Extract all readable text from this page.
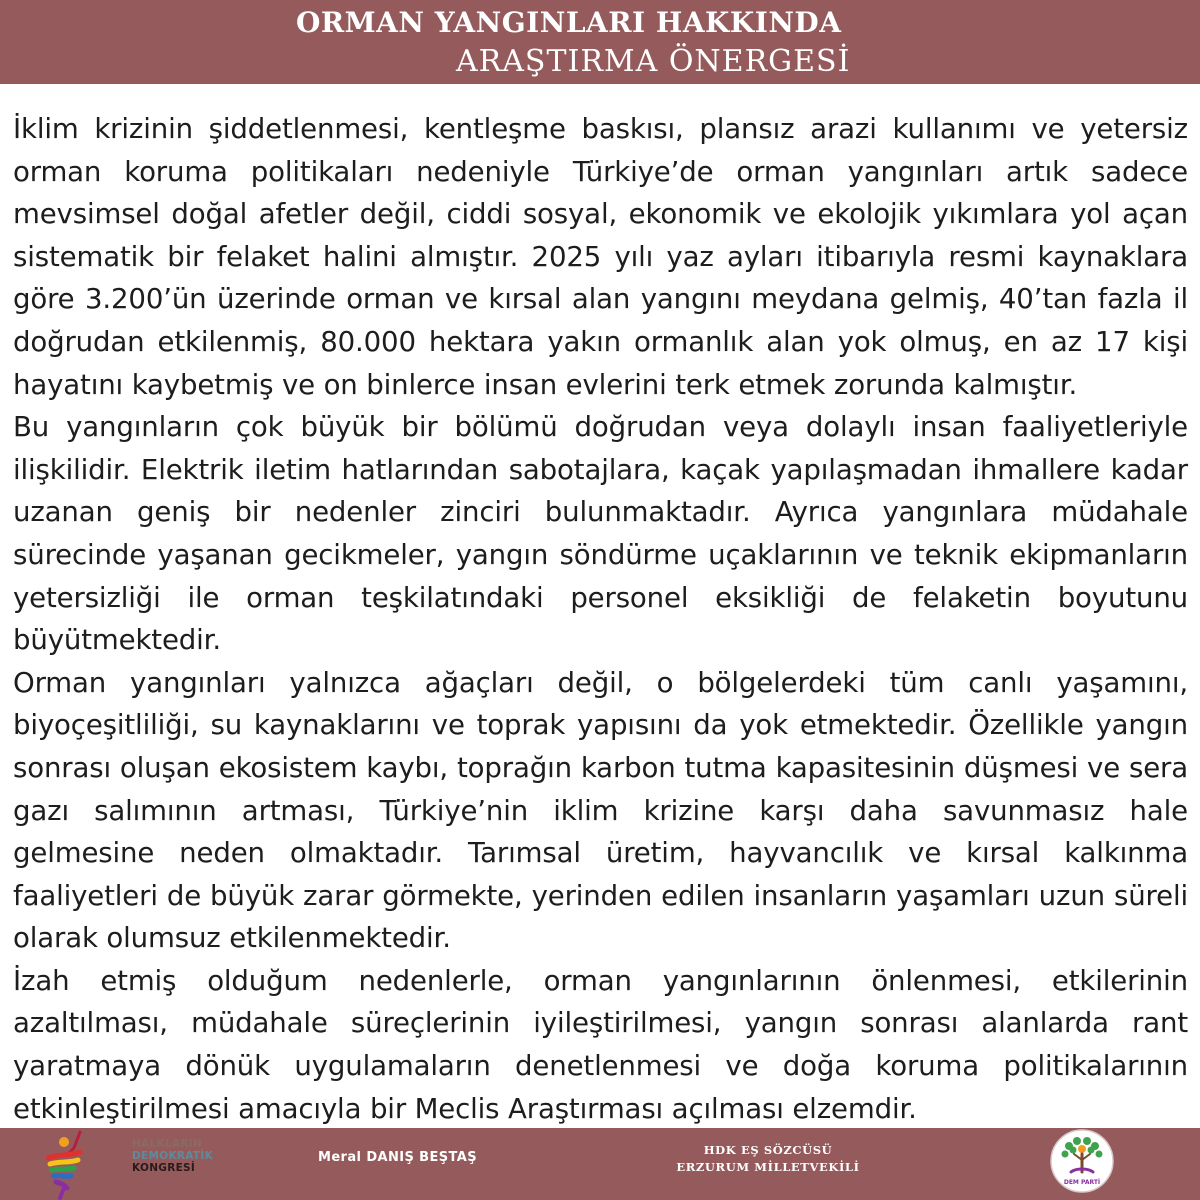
ORMAN YANGINLARI HAKKINDA
ARAŞTIRMA ÖNERGESİ

İklim krizinin şiddetlenmesi, kentleşme baskısı, plansız arazi kullanımı ve yetersiz orman koruma politikaları nedeniyle Türkiye’de orman yangınları artık sadece mevsimsel doğal afetler değil, ciddi sosyal, ekonomik ve ekolojik yıkımlara yol açan sistematik bir felaket halini almıştır. 2025 yılı yaz ayları itibarıyla resmi kaynaklara göre 3.200’ün üzerinde orman ve kırsal alan yangını meydana gelmiş, 40’tan fazla il doğrudan etkilenmiş, 80.000 hektara yakın ormanlık alan yok olmuş, en az 17 kişi hayatını kaybetmiş ve on binlerce insan evlerini terk etmek zorunda kalmıştır.

Bu yangınların çok büyük bir bölümü doğrudan veya dolaylı insan faaliyetleriyle ilişkilidir. Elektrik iletim hatlarından sabotajlara, kaçak yapılaşmadan ihmallere kadar uzanan geniş bir nedenler zinciri bulunmaktadır. Ayrıca yangınlara müdahale sürecinde yaşanan gecikmeler, yangın söndürme uçaklarının ve teknik ekipmanların yetersizliği ile orman teşkilatındaki personel eksikliği de felaketin boyutunu büyütmektedir.

Orman yangınları yalnızca ağaçları değil, o bölgelerdeki tüm canlı yaşamını, biyoçeşitliliği, su kaynaklarını ve toprak yapısını da yok etmektedir. Özellikle yangın sonrası oluşan ekosistem kaybı, toprağın karbon tutma kapasitesinin düşmesi ve sera gazı salımının artması, Türkiye’nin iklim krizine karşı daha savunmasız hale gelmesine neden olmaktadır. Tarımsal üretim, hayvancılık ve kırsal kalkınma faaliyetleri de büyük zarar görmekte, yerinden edilen insanların yaşamları uzun süreli olarak olumsuz etkilenmektedir.

İzah etmiş olduğum nedenlerle, orman yangınlarının önlenmesi, etkilerinin azaltılması, müdahale süreçlerinin iyileştirilmesi, yangın sonrası alanlarda rant yaratmaya dönük uygulamaların denetlenmesi ve doğa koruma politikalarının etkinleştirilmesi amacıyla bir Meclis Araştırması açılması elzemdir.

HALKLARIN
DEMOKRATİK
KONGRESİ
Meral DANIŞ BEŞTAŞ	HDK EŞ SÖZCÜSÜ
ERZURUM MİLLETVEKİLİ
DEM PARTİ
